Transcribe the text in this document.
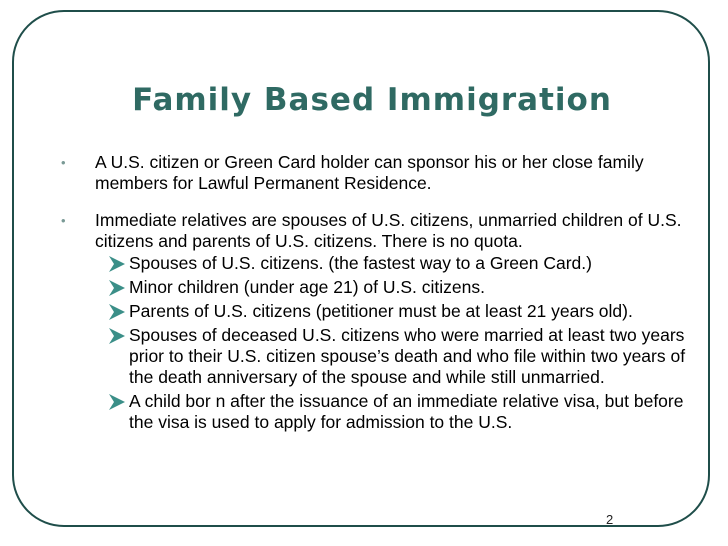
Family Based Immigration
• A U.S. citizen or Green Card holder can sponsor his or her close family members for Lawful Permanent Residence.
• Immediate relatives are spouses of U.S. citizens, unmarried children of U.S. citizens and parents of U.S. citizens. There is no quota.
Spouses of U.S. citizens. (the fastest way to a Green Card.)
Minor children (under age 21) of U.S. citizens.
Parents of U.S. citizens (petitioner must be at least 21 years old).
Spouses of deceased U.S. citizens who were married at least two years prior to their U.S. citizen spouse’s death and who file within two years of the death anniversary of the spouse and while still unmarried.
A child bor n after the issuance of an immediate relative visa, but before the visa is used to apply for admission to the U.S.
2
